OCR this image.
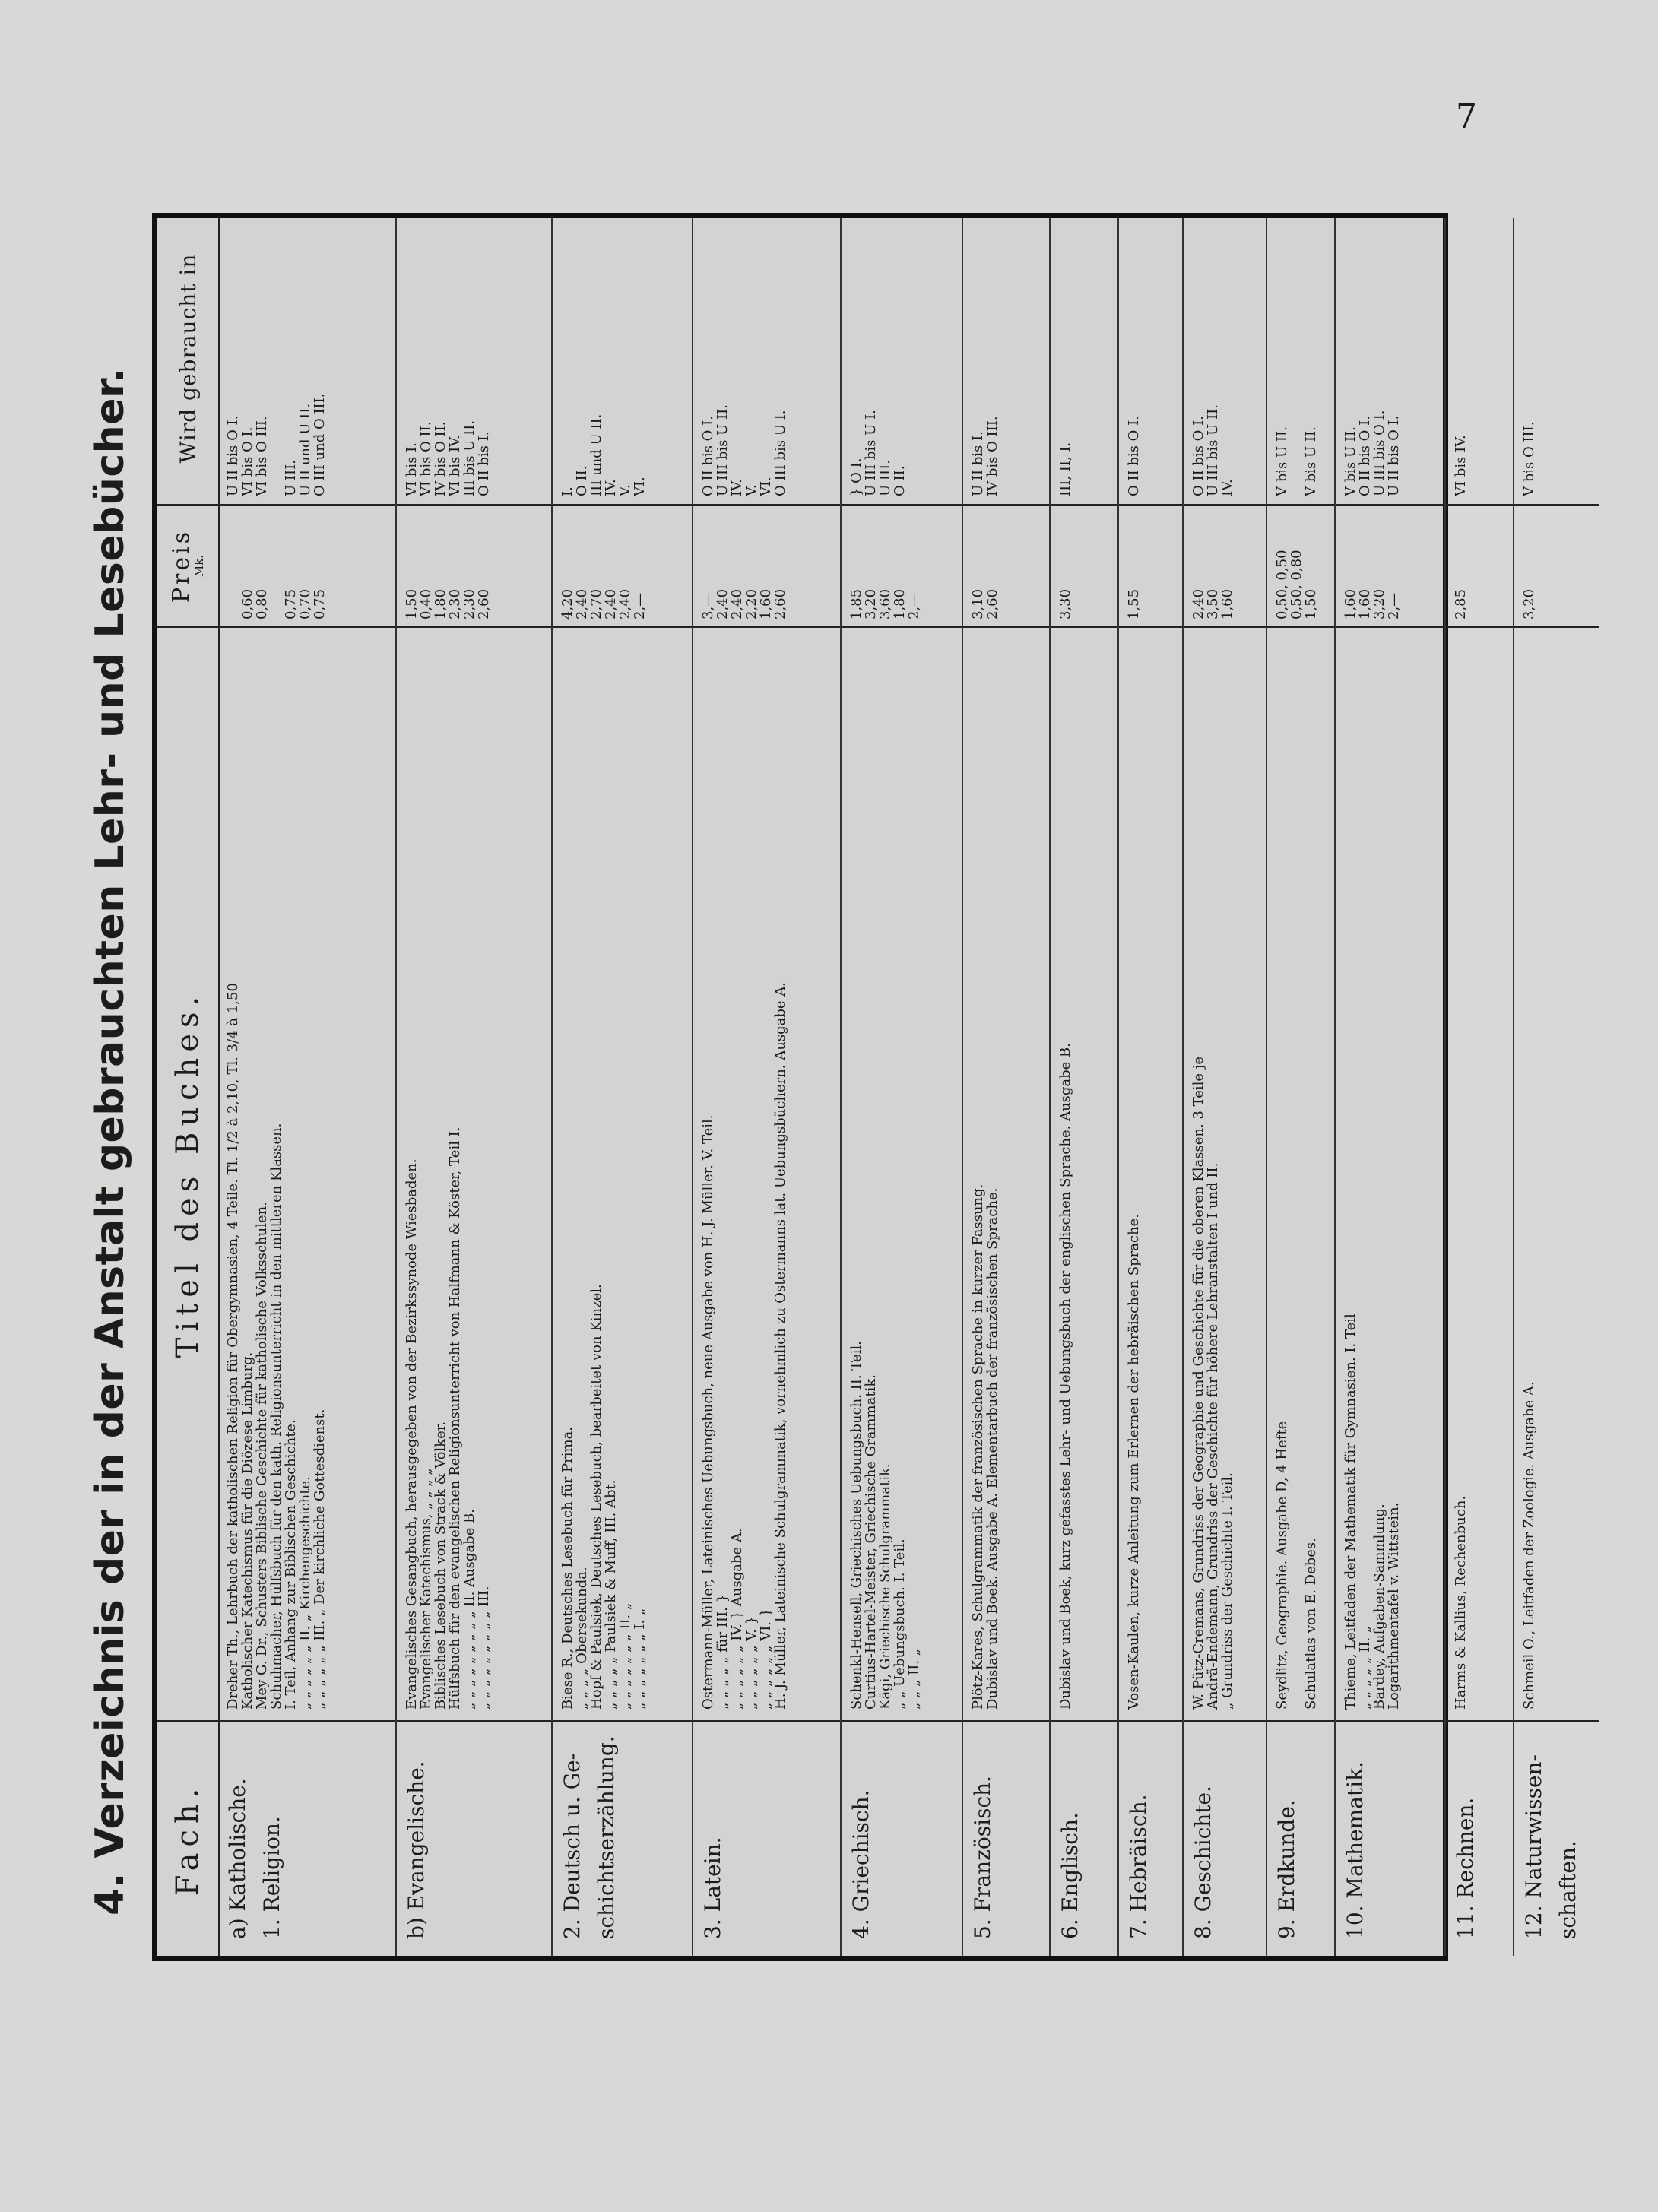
7
4. Verzeichnis der in der Anstalt gebrauchten Lehr- und Lesebücher.	Fach.
Titel des Buches.
Preis
Mk.
Wird gebraucht in
a) Katholische. 1. Religion.
Dreher Th., Lehrbuch der katholischen Religion für Obergymnasien, 4 Teile. Tl. 1/2 à 2,10, Tl. 3/4 à 1,50
Katholischer Katechismus für die Diözese Limburg.
Mey G. Dr., Schusters Biblische Geschichte für katholische Volksschulen.
Schuhmacher, Hülfsbuch für den kath. Religionsunterricht in den mittleren Klassen.
I. Teil, Anhang zur Biblischen Geschichte.
„ „ „ „ „ „ II. „ Kirchengeschichte.
„ „ „ „ „ „ III. „ Der kirchliche Gottesdienst.

0,60
0,80
0,75
0,70
0,75
U II bis O I.
VI bis O I.
VI bis O III.
U III.
U II und U II.
O III und O III.
b) Evangelische.
Evangelisches Gesangbuch, herausgegeben von der Bezirkssynode Wiesbaden.
Evangelischer Katechismus, „ „ „ „
Biblisches Lesebuch von Strack & Völker.
Hülfsbuch für den evangelischen Religionsunterricht von Halfmann & Köster, Teil I.
„ „ „ „ „ „ „ „ „ II. Ausgabe B.
„ „ „ „ „ „ „ „ „ III.
1,50
0,40
1,80
2,30
2,30
2,60
VI bis I.
VI bis O II.
IV bis O II.
VI bis IV.
III bis U II.
O II bis I.
2. Deutsch u. Ge- schichtserzählung.
Biese R., Deutsches Lesebuch für Prima.
„ „ „ „ Obersekunda.
Hopf & Paulsiek, Deutsches Lesebuch, bearbeitet von Kinzel.
„ „ „ „ „ Paulsiek & Muff, III. Abt.
„ „ „ „ „ „ „ II. „
„ „ „ „ „ „ „ I. „
4,20
2,40
2,70
2,40
2,40
2,—
I.
O II.
III und U II.
IV.
V.
VI.
3. Latein.
Ostermann-Müller, Lateinisches Uebungsbuch, neue Ausgabe von H. J. Müller. V. Teil.
„ „ „ „ „ für III. }
„ „ „ „ „ „ IV. } Ausgabe A.
„ „ „ „ „ „ V. }
„ „ „ „ „ „ VI. }
H. J. Müller, Lateinische Schulgrammatik, vornehmlich zu Ostermanns lat. Uebungsbüchern. Ausgabe A.
3,—
2,40
2,40
2,20
1,60
2,60
O II bis O I.
U III bis U II.
IV.
V.
VI.
O III bis U I.
4. Griechisch.
Schenkl-Hensell, Griechisches Uebungsbuch. II. Teil.
Curtius-Hartel-Meister, Griechische Grammatik.
Kägi, Griechische Schulgrammatik.
„ „ Uebungsbuch. I. Teil.
„ „ „ II. „
1,85
3,20
3,60
1,80
2,—
} O I.
U III bis U I.
U III.
O II.

5. Französisch.
Plötz-Kares, Schulgrammatik der französischen Sprache in kurzer Fassung.
Dubislav und Boek. Ausgabe A. Elementarbuch der französischen Sprache.
3,10
2,60
U II bis I.
IV bis O III.
6. Englisch.
Dubislav und Boek, kurz gefasstes Lehr- und Uebungsbuch der englischen Sprache. Ausgabe B.
3,30
III, II, I.
7. Hebräisch.
Vosen-Kaulen, kurze Anleitung zum Erlernen der hebräischen Sprache.
1,55
O II bis O I.
8. Geschichte.
W. Pütz-Cremans, Grundriss der Geographie und Geschichte für die oberen Klassen. 3 Teile je
Andrä-Endemann, Grundriss der Geschichte für höhere Lehranstalten I und II.
„ Grundriss der Geschichte I. Teil.
2,40
3,50
1,60
O II bis O I.
U III bis U II.
IV.
9. Erdkunde.
Seydlitz, Geographie. Ausgabe D, 4 Hefte
Schulatlas von E. Debes.
0,50, 0,50
0,50, 0,80
1,50
V bis U II.
V bis U II.
10. Mathematik.
Thieme, Leitfaden der Mathematik für Gymnasien. I. Teil
„ „ „ „ „ II. „
Bardey, Aufgaben-Sammlung.
Logarithmentafel v. Wittstein.
1,60
1,60
3,20
2,—
V bis U II.
O II bis O I.
U III bis O I.
U II bis O I.
11. Rechnen.
Harms & Kallius, Rechenbuch.
2,85
VI bis IV.
12. Naturwissen- schaften.
Schmeil O., Leitfaden der Zoologie. Ausgabe A.
3,20
V bis O III.
